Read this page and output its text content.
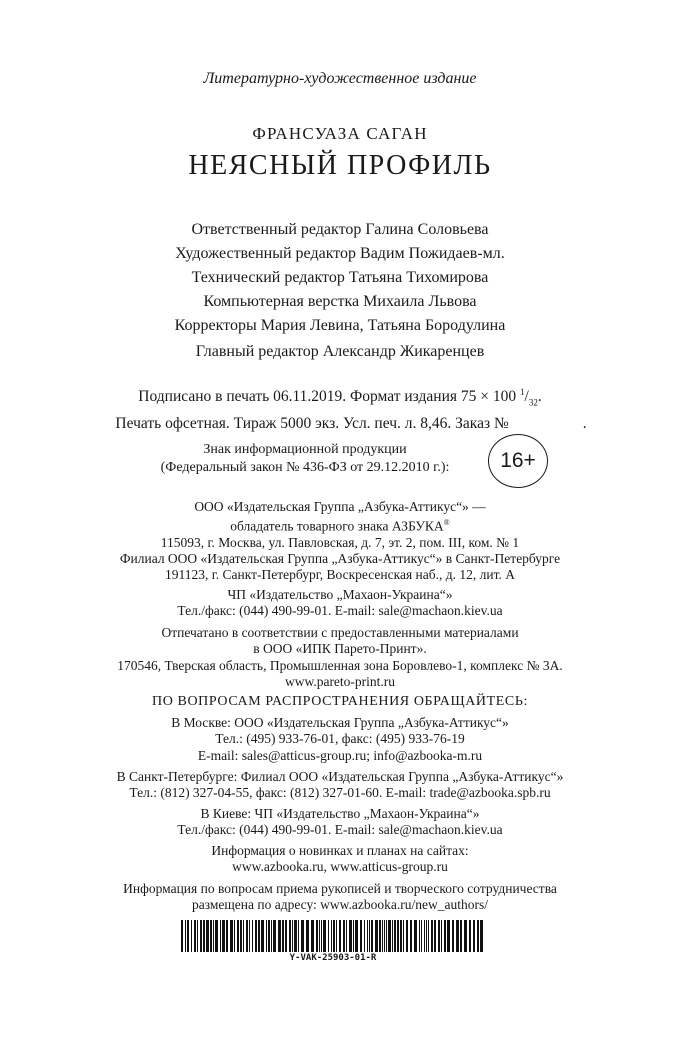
Литературно-художественное издание
ФРАНСУАЗА САГАН
НЕЯСНЫЙ ПРОФИЛЬ
Ответственный редактор Галина Соловьева
Художественный редактор Вадим Пожидаев-мл.
Технический редактор Татьяна Тихомирова
Компьютерная верстка Михаила Львова
Корректоры Мария Левина, Татьяна Бородулина
Главный редактор Александр Жикаренцев
Подписано в печать 06.11.2019. Формат издания 75 × 100 $^1/_{32}$.
Печать офсетная. Тираж 5000 экз. Усл. печ. л. 8,46. Заказ №	.
Знак информационной продукции
(Федеральный закон № 436-ФЗ от 29.12.2010 г.):	16+
ООО «Издательская Группа „Азбука-Аттикус“» —
обладатель товарного знака АЗБУКА®
115093, г. Москва, ул. Павловская, д. 7, эт. 2, пом. III, ком. № 1
Филиал ООО «Издательская Группа „Азбука-Аттикус“» в Санкт-Петербурге
191123, г. Санкт-Петербург, Воскресенская наб., д. 12, лит. А
ЧП «Издательство „Махаон-Украина“»
Тел./факс: (044) 490-99-01. E-mail: sale@machaon.kiev.ua
Отпечатано в соответствии с предоставленными материалами
в ООО «ИПК Парето-Принт».
170546, Тверская область, Промышленная зона Боровлево-1, комплекс № 3А.
www.pareto-print.ru
ПО ВОПРОСАМ РАСПРОСТРАНЕНИЯ ОБРАЩАЙТЕСЬ:
В Москве: ООО «Издательская Группа „Азбука-Аттикус“»
Тел.: (495) 933-76-01, факс: (495) 933-76-19
E-mail: sales@atticus-group.ru; info@azbooka-m.ru
В Санкт-Петербурге: Филиал ООО «Издательская Группа „Азбука-Аттикус“»
Тел.: (812) 327-04-55, факс: (812) 327-01-60. E-mail: trade@azbooka.spb.ru
В Киеве: ЧП «Издательство „Махаон-Украина“»
Тел./факс: (044) 490-99-01. E-mail: sale@machaon.kiev.ua
Информация о новинках и планах на сайтах:
www.azbooka.ru, www.atticus-group.ru
Информация по вопросам приема рукописей и творческого сотрудничества
размещена по адресу: www.azbooka.ru/new_authors/
Y-VAK-25903-01-R
